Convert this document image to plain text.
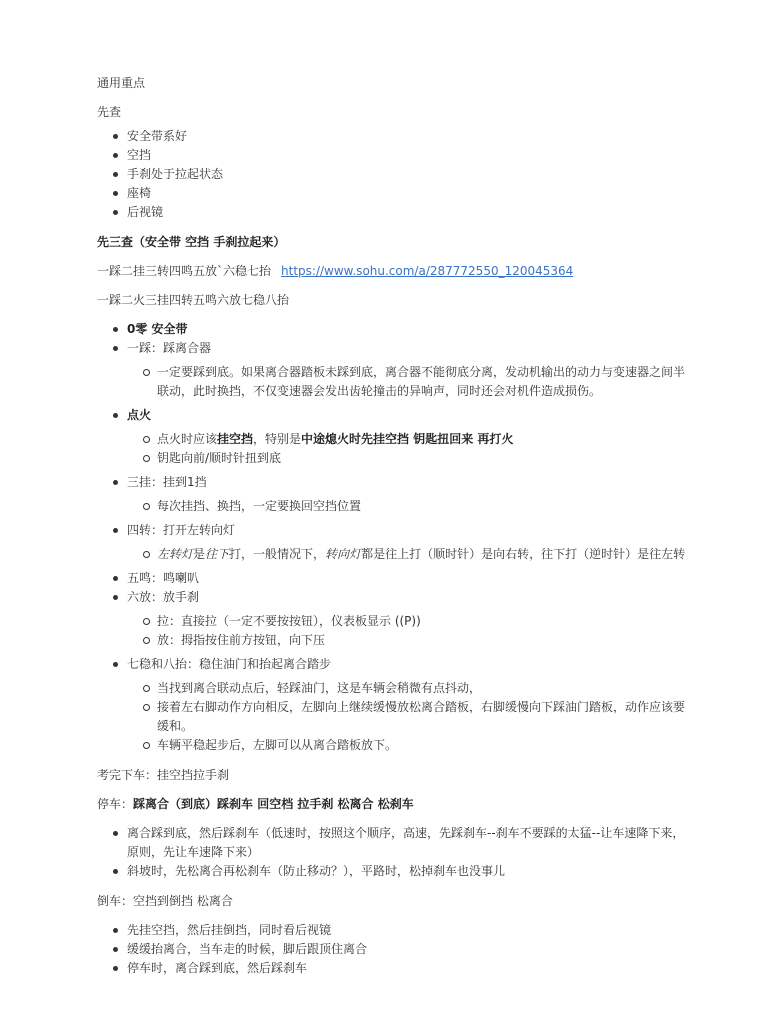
通用重点

先查

安全带系好
空挡
手刹处于拉起状态
座椅
后视镜

先三查（安全带 空挡 手刹拉起来）

一踩二挂三转四鸣五放`六稳七抬 https://www.sohu.com/a/287772550_120045364

一踩二火三挂四转五鸣六放七稳八抬

0零 安全带
一踩：踩离合器
一定要踩到底。如果离合器踏板未踩到底，离合器不能彻底分离，发动机输出的动力与变速器之间半联动，此时换挡，不仅变速器会发出齿轮撞击的异响声，同时还会对机件造成损伤。
点火
点火时应该挂空挡，特别是中途熄火时先挂空挡 钥匙扭回来 再打火
钥匙向前/顺时针扭到底
三挂：挂到1挡
每次挂挡、换挡，一定要换回空挡位置
四转：打开左转向灯
左转灯是往下打，一般情况下，转向灯都是往上打（顺时针）是向右转，往下打（逆时针）是往左转
五鸣：鸣喇叭
六放：放手刹
拉：直接拉（一定不要按按钮），仪表板显示 ((P))
放：拇指按住前方按钮，向下压
七稳和八抬：稳住油门和抬起离合踏步
当找到离合联动点后，轻踩油门，这是车辆会稍微有点抖动，
接着左右脚动作方向相反，左脚向上继续缓慢放松离合踏板，右脚缓慢向下踩油门踏板，动作应该要缓和。
车辆平稳起步后，左脚可以从离合踏板放下。

考完下车：挂空挡拉手刹

停车：踩离合（到底）踩刹车 回空档 拉手刹 松离合 松刹车

离合踩到底，然后踩刹车（低速时，按照这个顺序，高速，先踩刹车--刹车不要踩的太猛--让车速降下来，原则，先让车速降下来）
斜坡时，先松离合再松刹车（防止移动？），平路时，松掉刹车也没事儿

倒车：空挡到倒挡 松离合

先挂空挡，然后挂倒挡，同时看后视镜
缓缓抬离合，当车走的时候，脚后跟顶住离合
停车时，离合踩到底，然后踩刹车
